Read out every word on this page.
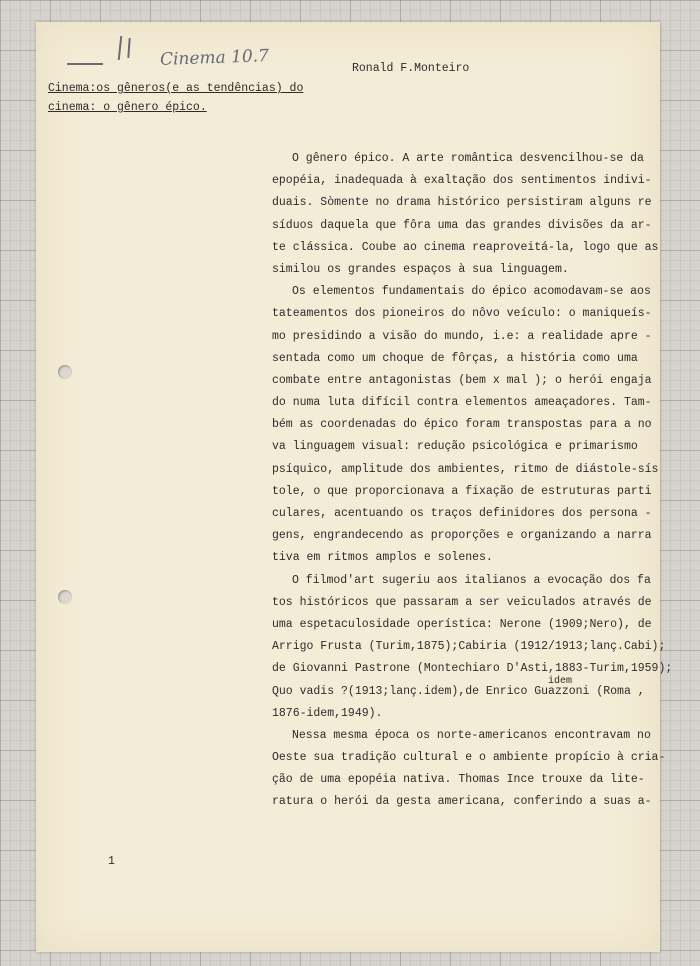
Cinema 10.7	Ronald F.Monteiro
Cinema:os gêneros(e as tendências) do
cinema: o gênero épico.
idem
O gênero épico. A arte romântica desvencilhou-se da
epopéia, inadequada à exaltação dos sentimentos indivi-
duais. Sòmente no drama histórico persistiram alguns re
síduos daquela que fôra uma das grandes divisões da ar-
te clássica. Coube ao cinema reaproveitá-la, logo que as
similou os grandes espaços à sua linguagem.
Os elementos fundamentais do épico acomodavam-se aos
tateamentos dos pioneiros do nôvo veículo: o maniqueís-
mo presidindo a visão do mundo, i.e: a realidade apre -
sentada como um choque de fôrças, a história como uma
combate entre antagonistas (bem x mal ); o herói engaja
do numa luta difícil contra elementos ameaçadores. Tam-
bém as coordenadas do épico foram transpostas para a no
va linguagem visual: redução psicológica e primarismo
psíquico, amplitude dos ambientes, ritmo de diástole-sís
tole, o que proporcionava a fixação de estruturas parti
culares, acentuando os traços definidores dos persona -
gens, engrandecendo as proporções e organizando a narra
tiva em ritmos amplos e solenes.
O filmod'art sugeriu aos italianos a evocação dos fa
tos históricos que passaram a ser veiculados através de
uma espetaculosidade operística: Nerone (1909;Nero), de
Arrigo Frusta (Turim,1875);Cabiria (1912/1913;lanç.Cabi);
de Giovanni Pastrone (Montechiaro D'Asti,1883-Turim,1959);
Quo vadis ?(1913;lanç.idem),de Enrico Guazzoni (Roma ,
1876-idem,1949).
Nessa mesma época os norte-americanos encontravam no
Oeste sua tradição cultural e o ambiente propício à cria-
ção de uma epopéia nativa. Thomas Ince trouxe da lite-
ratura o herói da gesta americana, conferindo a suas a-
1
